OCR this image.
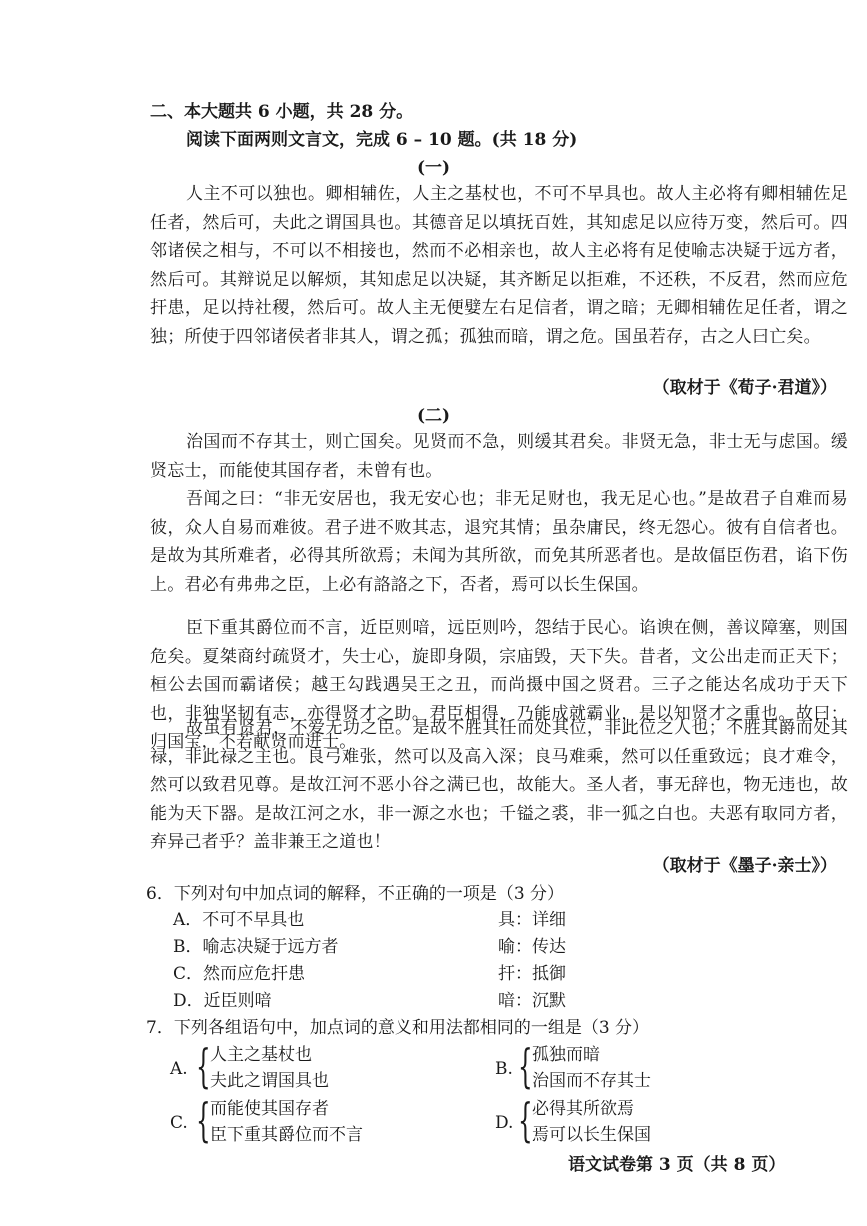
二、本大题共 6 小题，共 28 分。
阅读下面两则文言文，完成 6 – 10 题。(共 18 分)
(一)
人主不可以独也。卿相辅佐，人主之基杖也，不可不早具也。故人主必将有卿相辅佐足任者，然后可，夫此之谓国具也。其德音足以填抚百姓，其知虑足以应待万变，然后可。四邻诸侯之相与，不可以不相接也，然而不必相亲也，故人主必将有足使喻志决疑于远方者，然后可。其辩说足以解烦，其知虑足以决疑，其齐断足以拒难，不还秩，不反君，然而应危扞患，足以持社稷，然后可。故人主无便嬖左右足信者，谓之暗；无卿相辅佐足任者，谓之独；所使于四邻诸侯者非其人，谓之孤；孤独而暗，谓之危。国虽若存，古之人曰亡矣。
（取材于《荀子·君道》）
(二)
治国而不存其士，则亡国矣。见贤而不急，则缓其君矣。非贤无急，非士无与虑国。缓贤忘士，而能使其国存者，未曾有也。
吾闻之曰：“非无安居也，我无安心也；非无足财也，我无足心也。”是故君子自难而易彼，众人自易而难彼。君子进不败其志，退究其情；虽杂庸民，终无怨心。彼有自信者也。是故为其所难者，必得其所欲焉；未闻为其所欲，而免其所恶者也。是故偪臣伤君，谄下伤上。君必有弗弗之臣，上必有詻詻之下，否者，焉可以长生保国。
臣下重其爵位而不言，近臣则喑，远臣则吟，怨结于民心。谄谀在侧，善议障塞，则国危矣。夏桀商纣疏贤才，失士心，旋即身陨，宗庙毁，天下失。昔者，文公出走而正天下；桓公去国而霸诸侯；越王勾践遇吴王之丑，而尚摄中国之贤君。三子之能达名成功于天下也，非独坚韧有志，亦得贤才之助。君臣相得，乃能成就霸业，是以知贤才之重也。故曰：归国宝，不若献贤而进士。
故虽有贤君，不爱无功之臣。是故不胜其任而处其位，非此位之人也；不胜其爵而处其禄，非此禄之主也。良弓难张，然可以及高入深；良马难乘，然可以任重致远；良才难令，然可以致君见尊。是故江河不恶小谷之满已也，故能大。圣人者，事无辞也，物无违也，故能为天下器。是故江河之水，非一源之水也；千镒之裘，非一狐之白也。夫恶有取同方者，弃异己者乎？盖非兼王之道也！
（取材于《墨子·亲士》）
6．下列对句中加点词的解释，不正确的一项是（3 分）
A．不可不早具也	具：详细
B．喻志决疑于远方者	喻：传达
C．然而应危扞患	扞：抵御
D．近臣则喑	喑：沉默
7．下列各组语句中，加点词的意义和用法都相同的一组是（3 分）
A. { 人主之基杖也
夫此之谓国具也
B. { 孤独而暗
治国而不存其士
C. { 而能使其国存者
臣下重其爵位而不言
D. { 必得其所欲焉
焉可以长生保国
语文试卷第 3 页（共 8 页）
